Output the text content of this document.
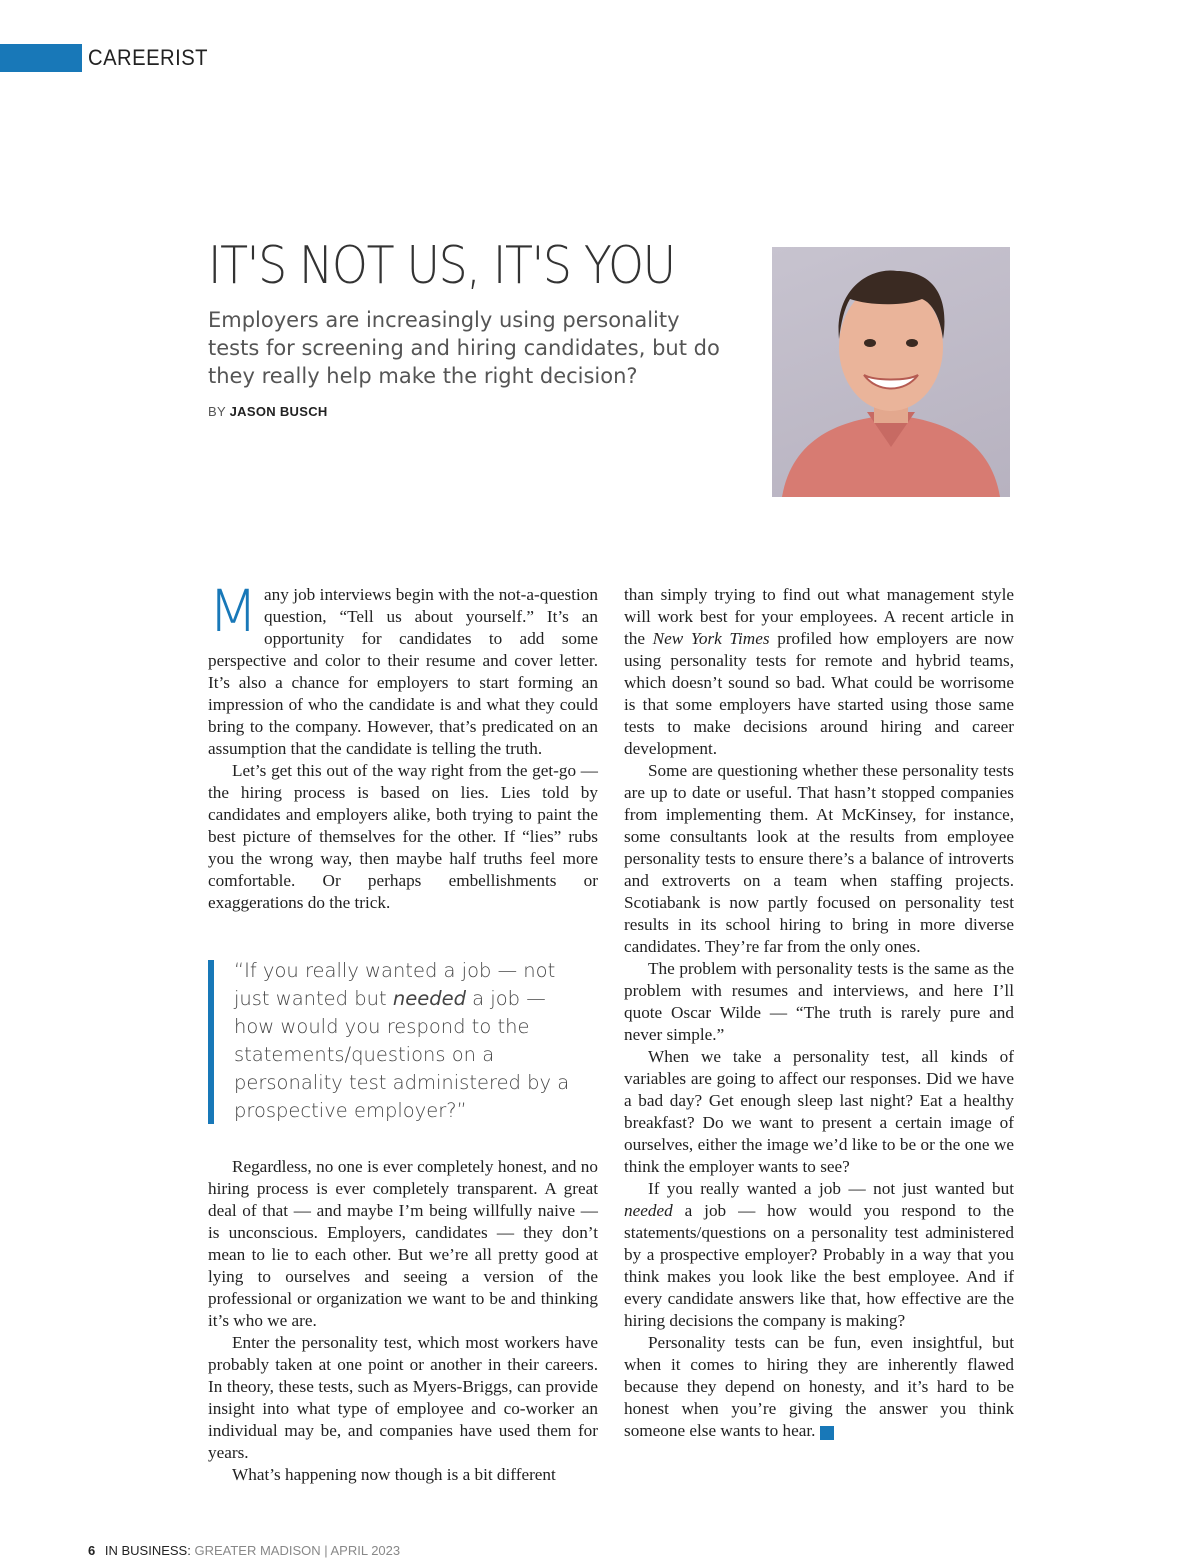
CAREERIST
IT'S NOT US, IT'S YOU
Employers are increasingly using personality tests for screening and hiring candidates, but do they really help make the right decision?
BY JASON BUSCH

Many job interviews begin with the not-a-question question, “Tell us about yourself.” It’s an opportunity for candidates to add some perspective and color to their resume and cover letter. It’s also a chance for employers to start forming an impression of who the candidate is and what they could bring to the company. However, that’s predicated on an assumption that the candidate is telling the truth.

Let’s get this out of the way right from the get-go — the hiring process is based on lies. Lies told by candidates and employers alike, both trying to paint the best picture of themselves for the other. If “lies” rubs you the wrong way, then maybe half truths feel more comfortable. Or perhaps embellishments or exaggerations do the trick.

“If you really wanted a job — not just wanted but needed a job — how would you respond to the statements/questions on a personality test administered by a prospective employer?”

Regardless, no one is ever completely honest, and no hiring process is ever completely transparent. A great deal of that — and maybe I’m being willfully naive — is unconscious. Employers, candidates — they don’t mean to lie to each other. But we’re all pretty good at lying to ourselves and seeing a version of the professional or organization we want to be and thinking it’s who we are.

Enter the personality test, which most workers have probably taken at one point or another in their careers. In theory, these tests, such as Myers-Briggs, can provide insight into what type of employee and co-worker an individual may be, and companies have used them for years.

What’s happening now though is a bit different

than simply trying to find out what management style will work best for your employees. A recent article in the New York Times profiled how employers are now using personality tests for remote and hybrid teams, which doesn’t sound so bad. What could be worrisome is that some employers have started using those same tests to make decisions around hiring and career development.

Some are questioning whether these personality tests are up to date or useful. That hasn’t stopped companies from implementing them. At McKinsey, for instance, some consultants look at the results from employee personality tests to ensure there’s a balance of introverts and extroverts on a team when staffing projects. Scotiabank is now partly focused on personality test results in its school hiring to bring in more diverse candidates. They’re far from the only ones.

The problem with personality tests is the same as the problem with resumes and interviews, and here I’ll quote Oscar Wilde — “The truth is rarely pure and never simple.”

When we take a personality test, all kinds of variables are going to affect our responses. Did we have a bad day? Get enough sleep last night? Eat a healthy breakfast? Do we want to present a certain image of ourselves, either the image we’d like to be or the one we think the employer wants to see?

If you really wanted a job — not just wanted but needed a job — how would you respond to the statements/questions on a personality test administered by a prospective employer? Probably in a way that you think makes you look like the best employee. And if every candidate answers like that, how effective are the hiring decisions the company is making?

Personality tests can be fun, even insightful, but when it comes to hiring they are inherently flawed because they depend on honesty, and it’s hard to be honest when you’re giving the answer you think someone else wants to hear.	IB

6 IN BUSINESS: GREATER MADISON | APRIL 2023
